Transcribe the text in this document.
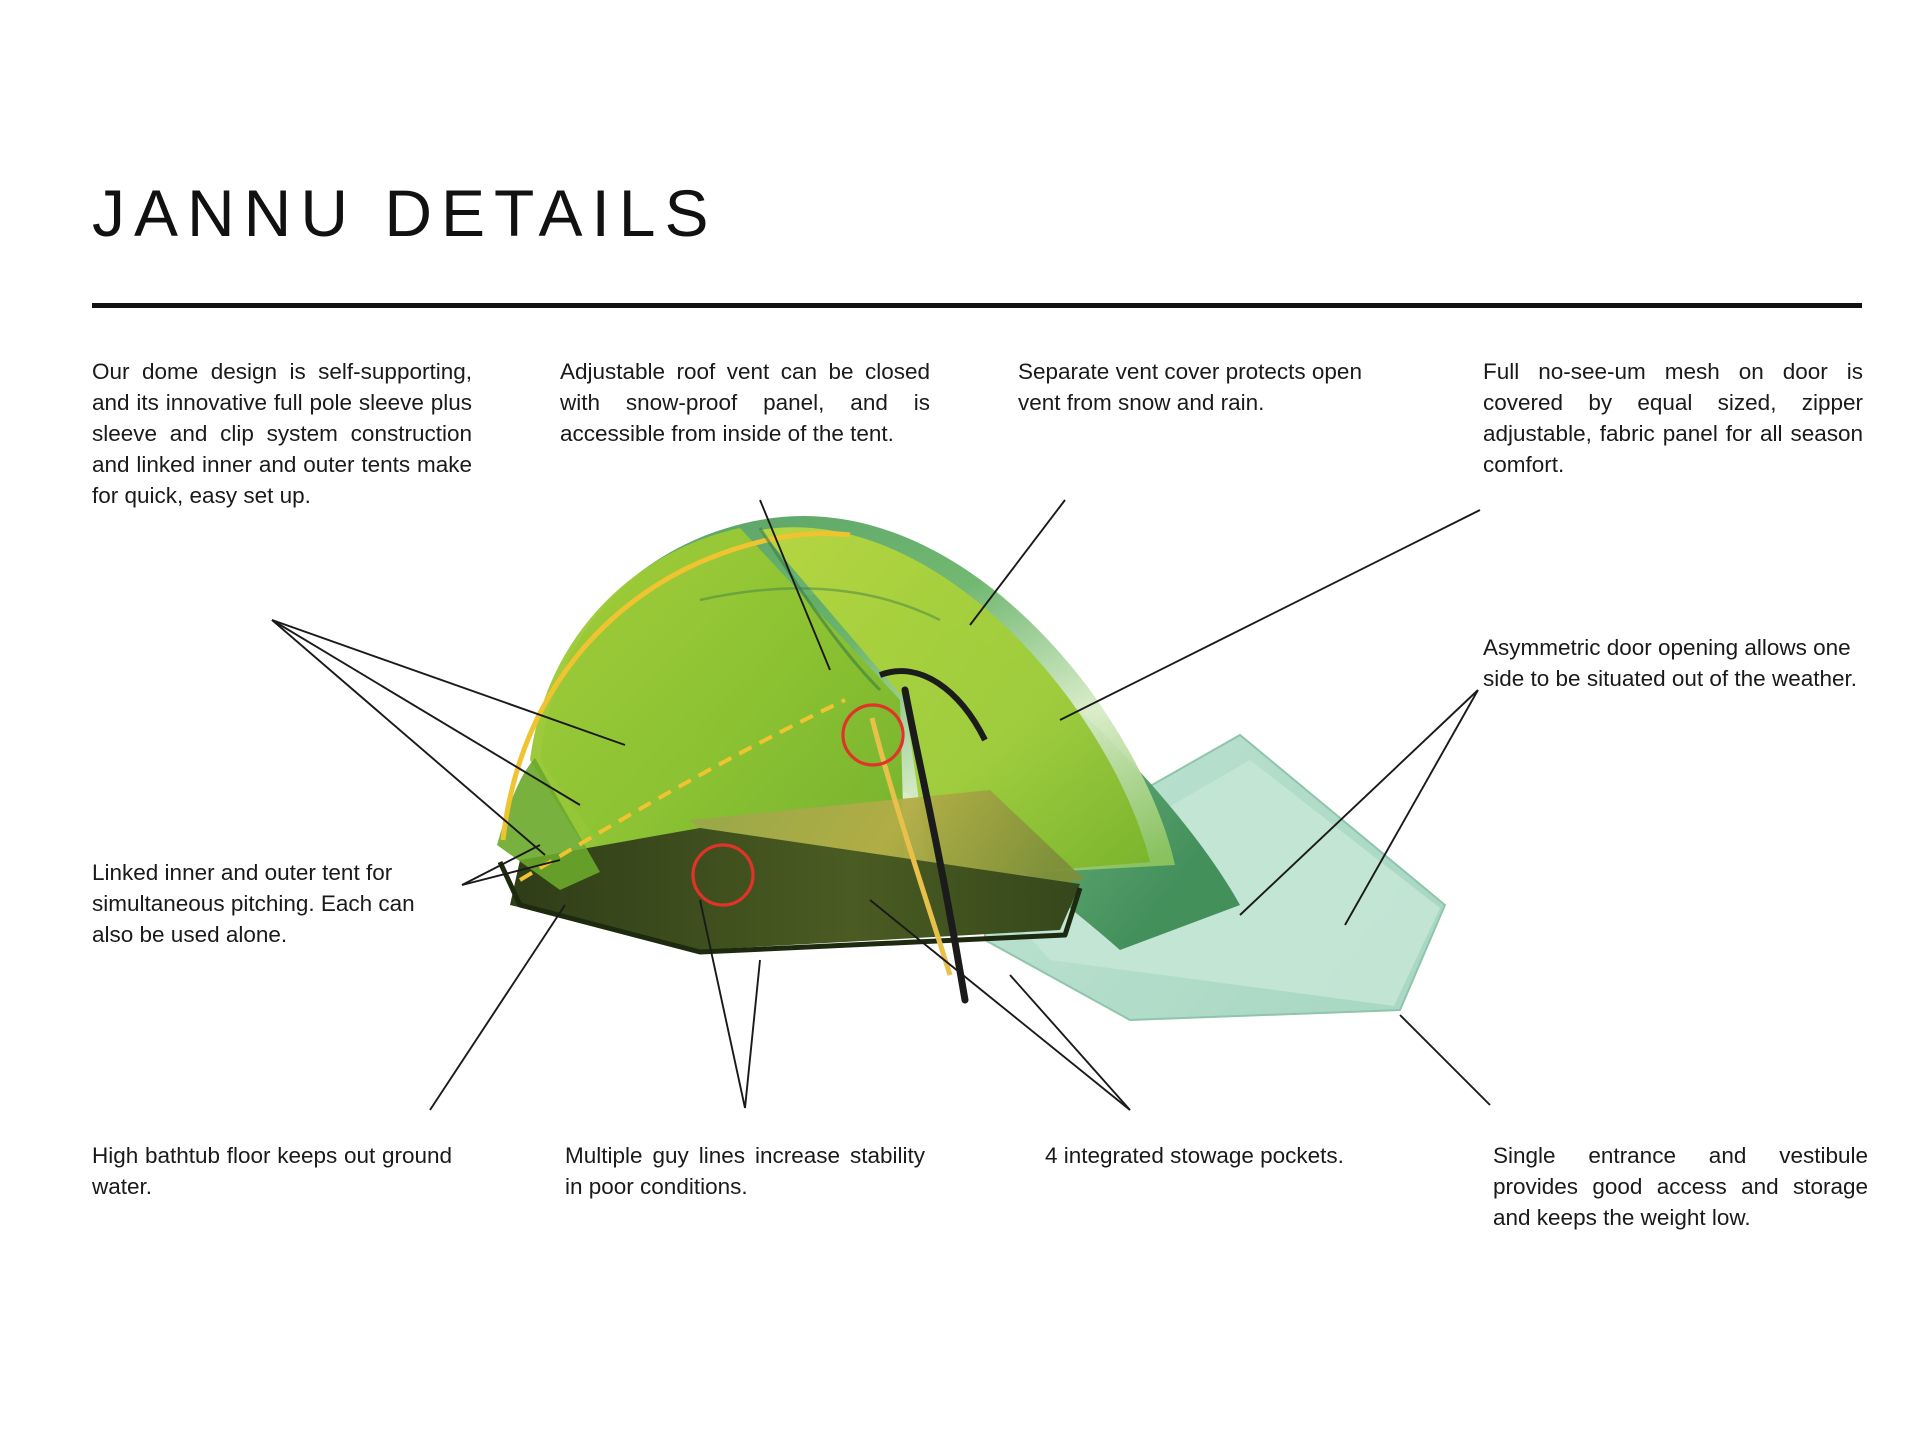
JANNU DETAILS
Our dome design is self-supporting, and its innovative full pole sleeve plus sleeve and clip system construction and linked inner and outer tents make for quick, easy set up.
Adjustable roof vent can be closed with snow-proof panel, and is accessible from inside of the tent.
Separate vent cover protects open vent from snow and rain.
Full no-see-um mesh on door is covered by equal sized, zipper adjustable, fabric panel for all season comfort.
Asymmetric door opening allows one side to be situated out of the weather.
Linked inner and outer tent for simultaneous pitching. Each can also be used alone.
High bathtub floor keeps out ground water.
Multiple guy lines increase stability in poor conditions.
4 integrated stowage pockets.	Single entrance and vestibule provides good access and storage and keeps the weight low.
